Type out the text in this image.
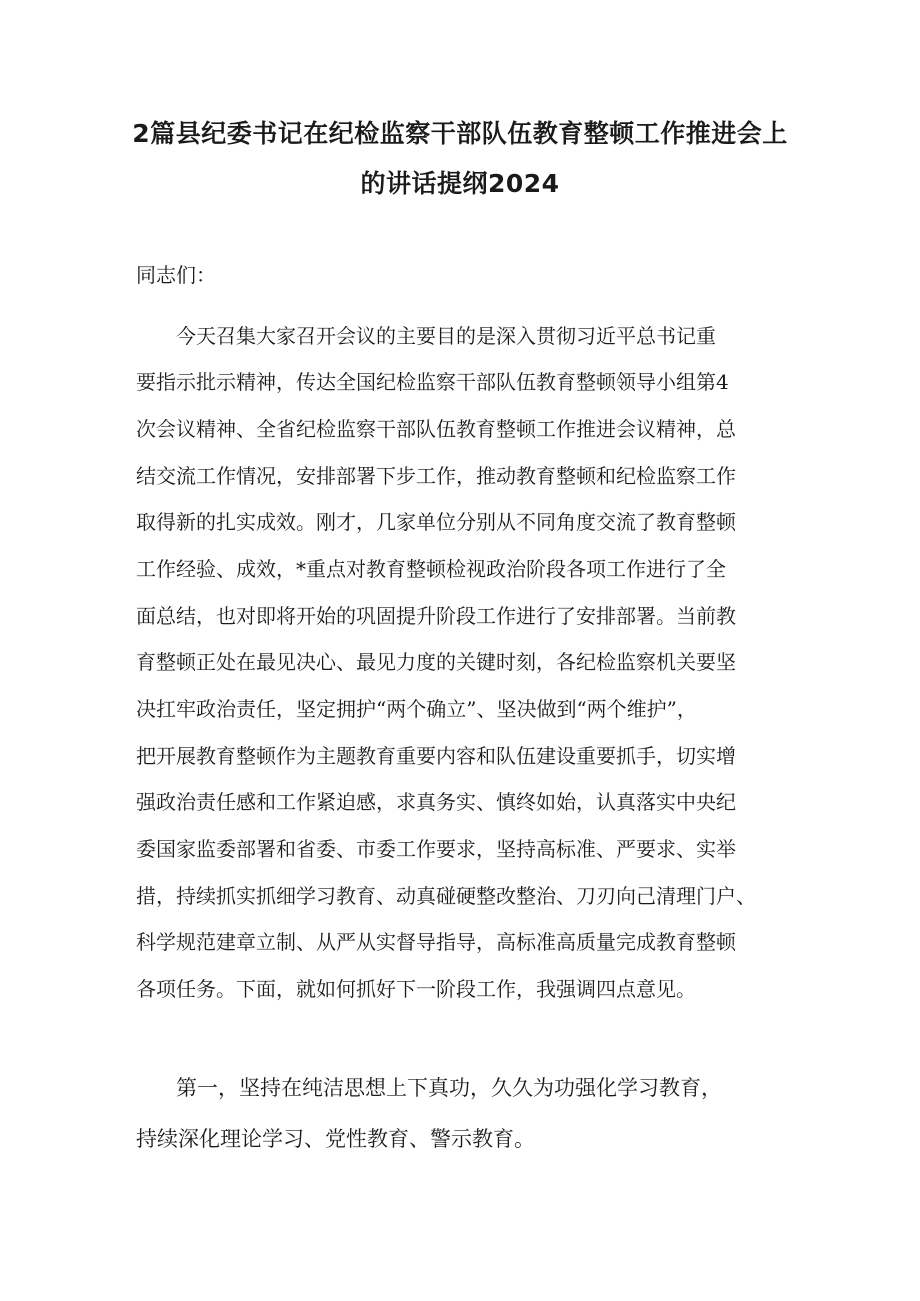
2篇县纪委书记在纪检监察干部队伍教育整顿工作推进会上
的讲话提纲2024
同志们：
今天召集大家召开会议的主要目的是深入贯彻习近平总书记重
要指示批示精神，传达全国纪检监察干部队伍教育整顿领导小组第4
次会议精神、全省纪检监察干部队伍教育整顿工作推进会议精神，总
结交流工作情况，安排部署下步工作，推动教育整顿和纪检监察工作
取得新的扎实成效。刚才，几家单位分别从不同角度交流了教育整顿
工作经验、成效，*重点对教育整顿检视政治阶段各项工作进行了全
面总结，也对即将开始的巩固提升阶段工作进行了安排部署。当前教
育整顿正处在最见决心、最见力度的关键时刻，各纪检监察机关要坚
决扛牢政治责任，坚定拥护“两个确立”、坚决做到“两个维护”，
把开展教育整顿作为主题教育重要内容和队伍建设重要抓手，切实增
强政治责任感和工作紧迫感，求真务实、慎终如始，认真落实中央纪
委国家监委部署和省委、市委工作要求，坚持高标准、严要求、实举
措，持续抓实抓细学习教育、动真碰硬整改整治、刀刃向己清理门户、
科学规范建章立制、从严从实督导指导，高标准高质量完成教育整顿
各项任务。下面，就如何抓好下一阶段工作，我强调四点意见。
第一，坚持在纯洁思想上下真功，久久为功强化学习教育，
持续深化理论学习、党性教育、警示教育。
